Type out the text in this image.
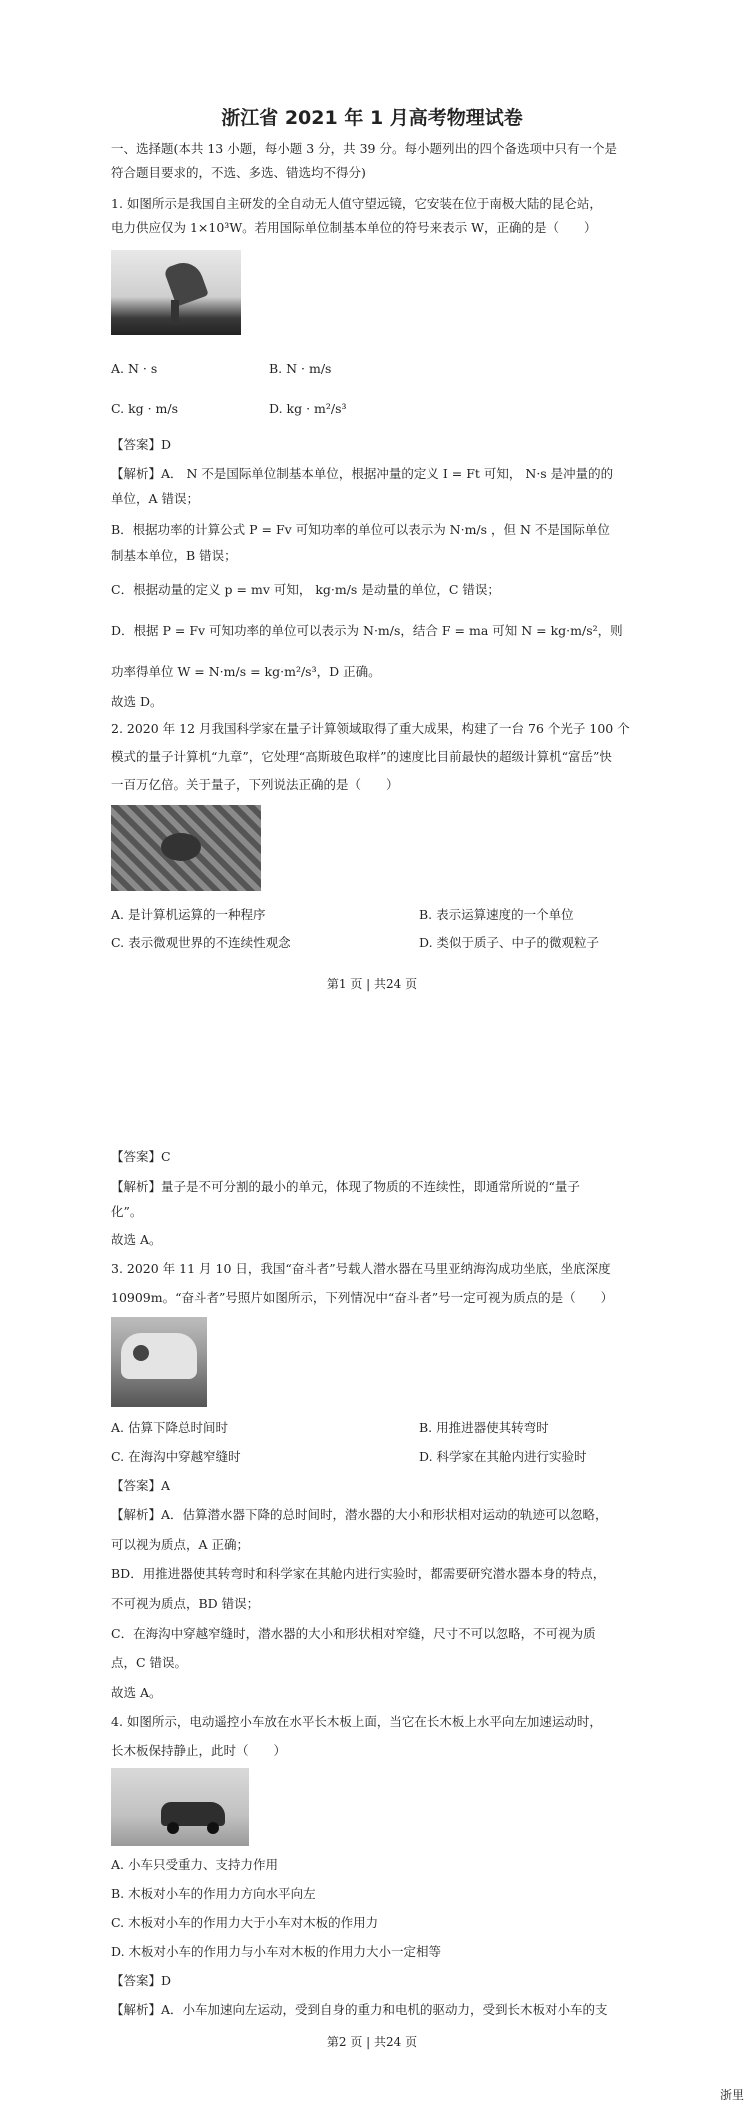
浙江省 2021 年 1 月高考物理试卷
一、选择题(本共 13 小题，每小题 3 分，共 39 分。每小题列出的四个备选项中只有一个是
符合题目要求的，不选、多选、错选均不得分)
1. 如图所示是我国自主研发的全自动无人值守望远镜，它安装在位于南极大陆的昆仑站，
电力供应仅为 1×10³W。若用国际单位制基本单位的符号来表示 W，正确的是（　　）
A. N · s	B. N · m/s
C. kg · m/s	D. kg · m²/s³
【答案】D
【解析】A． N 不是国际单位制基本单位，根据冲量的定义 I = Ft 可知， N·s 是冲量的的
单位，A 错误；
B．根据功率的计算公式 P = Fv 可知功率的单位可以表示为 N·m/s ，但 N 不是国际单位
制基本单位，B 错误；
C．根据动量的定义 p = mv 可知， kg·m/s 是动量的单位，C 错误；
D．根据 P = Fv 可知功率的单位可以表示为 N·m/s，结合 F = ma 可知 N = kg·m/s²，则
功率得单位 W = N·m/s = kg·m²/s³，D 正确。
故选 D。
2. 2020 年 12 月我国科学家在量子计算领域取得了重大成果，构建了一台 76 个光子 100 个
模式的量子计算机“九章”，它处理“高斯玻色取样”的速度比目前最快的超级计算机“富岳”快
一百万亿倍。关于量子，下列说法正确的是（　　）
A. 是计算机运算的一种程序	B. 表示运算速度的一个单位
C. 表示微观世界的不连续性观念	D. 类似于质子、中子的微观粒子
第1 页 | 共24 页
【答案】C
【解析】量子是不可分割的最小的单元，体现了物质的不连续性，即通常所说的“量子
化”。
故选 A。
3. 2020 年 11 月 10 日，我国“奋斗者”号载人潜水器在马里亚纳海沟成功坐底，坐底深度
10909m。“奋斗者”号照片如图所示，下列情况中“奋斗者”号一定可视为质点的是（　　）
A. 估算下降总时间时	B. 用推进器使其转弯时
C. 在海沟中穿越窄缝时	D. 科学家在其舱内进行实验时
【答案】A
【解析】A．估算潜水器下降的总时间时，潜水器的大小和形状相对运动的轨迹可以忽略，
可以视为质点，A 正确；
BD．用推进器使其转弯时和科学家在其舱内进行实验时，都需要研究潜水器本身的特点，
不可视为质点，BD 错误；
C．在海沟中穿越窄缝时，潜水器的大小和形状相对窄缝，尺寸不可以忽略，不可视为质
点，C 错误。
故选 A。
4. 如图所示，电动遥控小车放在水平长木板上面，当它在长木板上水平向左加速运动时，
长木板保持静止，此时（　　）
A. 小车只受重力、支持力作用
B. 木板对小车的作用力方向水平向左
C. 木板对小车的作用力大于小车对木板的作用力
D. 木板对小车的作用力与小车对木板的作用力大小一定相等
【答案】D
【解析】A．小车加速向左运动，受到自身的重力和电机的驱动力，受到长木板对小车的支
第2 页 | 共24 页
浙里
